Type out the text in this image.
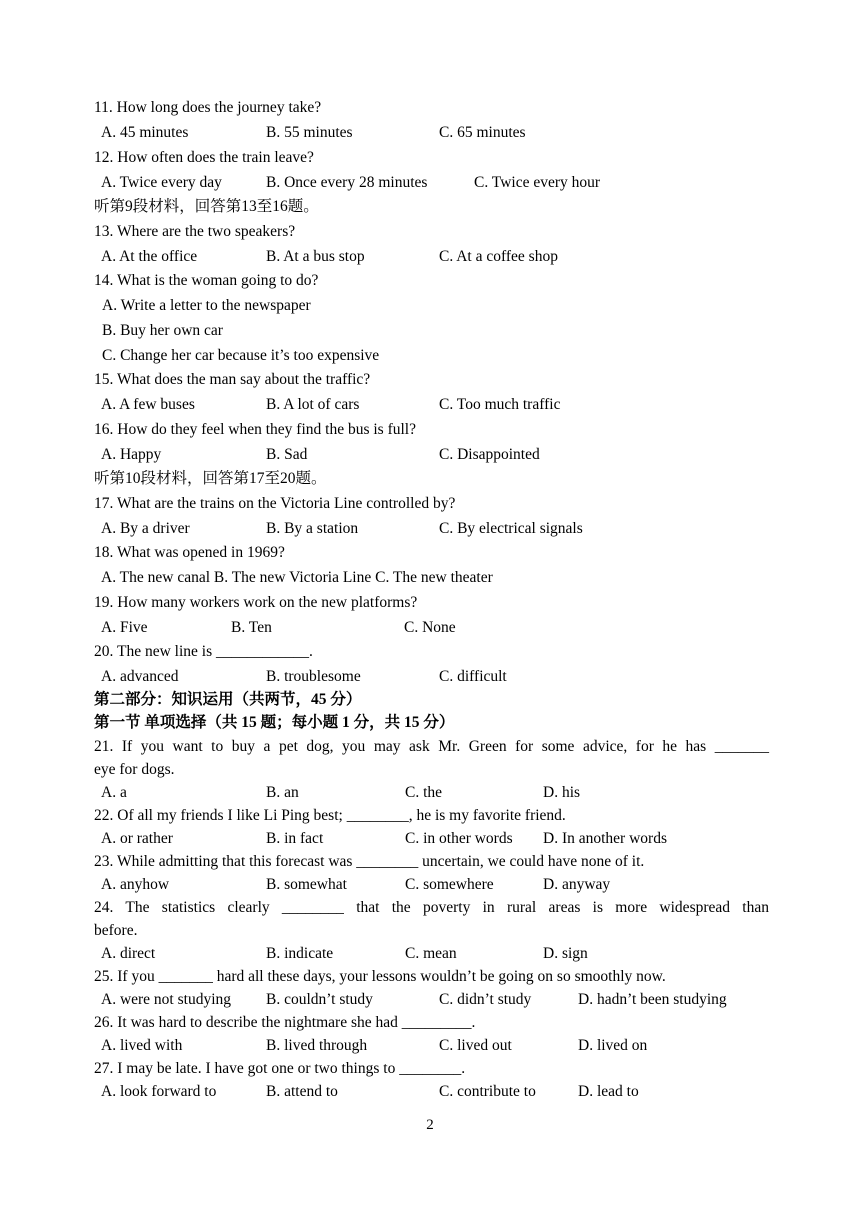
11. How long does the journey take?
A. 45 minutes	B. 55 minutes	C. 65 minutes
12. How often does the train leave?
A. Twice every day	B. Once every 28 minutes	C. Twice every hour
听第9段材料，回答第13至16题。
13. Where are the two speakers?
A. At the office	B. At a bus stop	C. At a coffee shop
14. What is the woman going to do?
A. Write a letter to the newspaper
B. Buy her own car
C. Change her car because it’s too expensive
15. What does the man say about the traffic?
A. A few buses	B. A lot of cars	C. Too much traffic
16. How do they feel when they find the bus is full?
A. Happy	B. Sad	C. Disappointed
听第10段材料，回答第17至20题。
17. What are the trains on the Victoria Line controlled by?
A. By a driver	B. By a station	C. By electrical signals
18. What was opened in 1969?
A. The new canal B. The new Victoria Line C. The new theater
19. How many workers work on the new platforms?
A. Five	B. Ten	C. None
20. The new line is ____________.
A. advanced	B. troublesome	C. difficult
第二部分：知识运用（共两节，45 分）
第一节 单项选择（共 15 题；每小题 1 分，共 15 分）
21. If you want to buy a pet dog, you may ask Mr. Green for some advice, for he has _______
eye for dogs.
A. a	B. an	C. the	D. his
22. Of all my friends I like Li Ping best; ________, he is my favorite friend.
A. or rather	B. in fact	C. in other words D. In another words
23. While admitting that this forecast was ________ uncertain, we could have none of it.
A. anyhow	B. somewhat	C. somewhere	D. anyway
24. The statistics clearly ________ that the poverty in rural areas is more widespread than
before.
A. direct	B. indicate	C. mean	D. sign
25. If you _______ hard all these days, your lessons wouldn’t be going on so smoothly now.
A. were not studying B. couldn’t study	C. didn’t study	D. hadn’t been studying
26. It was hard to describe the nightmare she had _________.
A. lived with	B. lived through	C. lived out	D. lived on
27. I may be late. I have got one or two things to ________.
A. look forward to	B. attend to	C. contribute to	D. lead to
2
